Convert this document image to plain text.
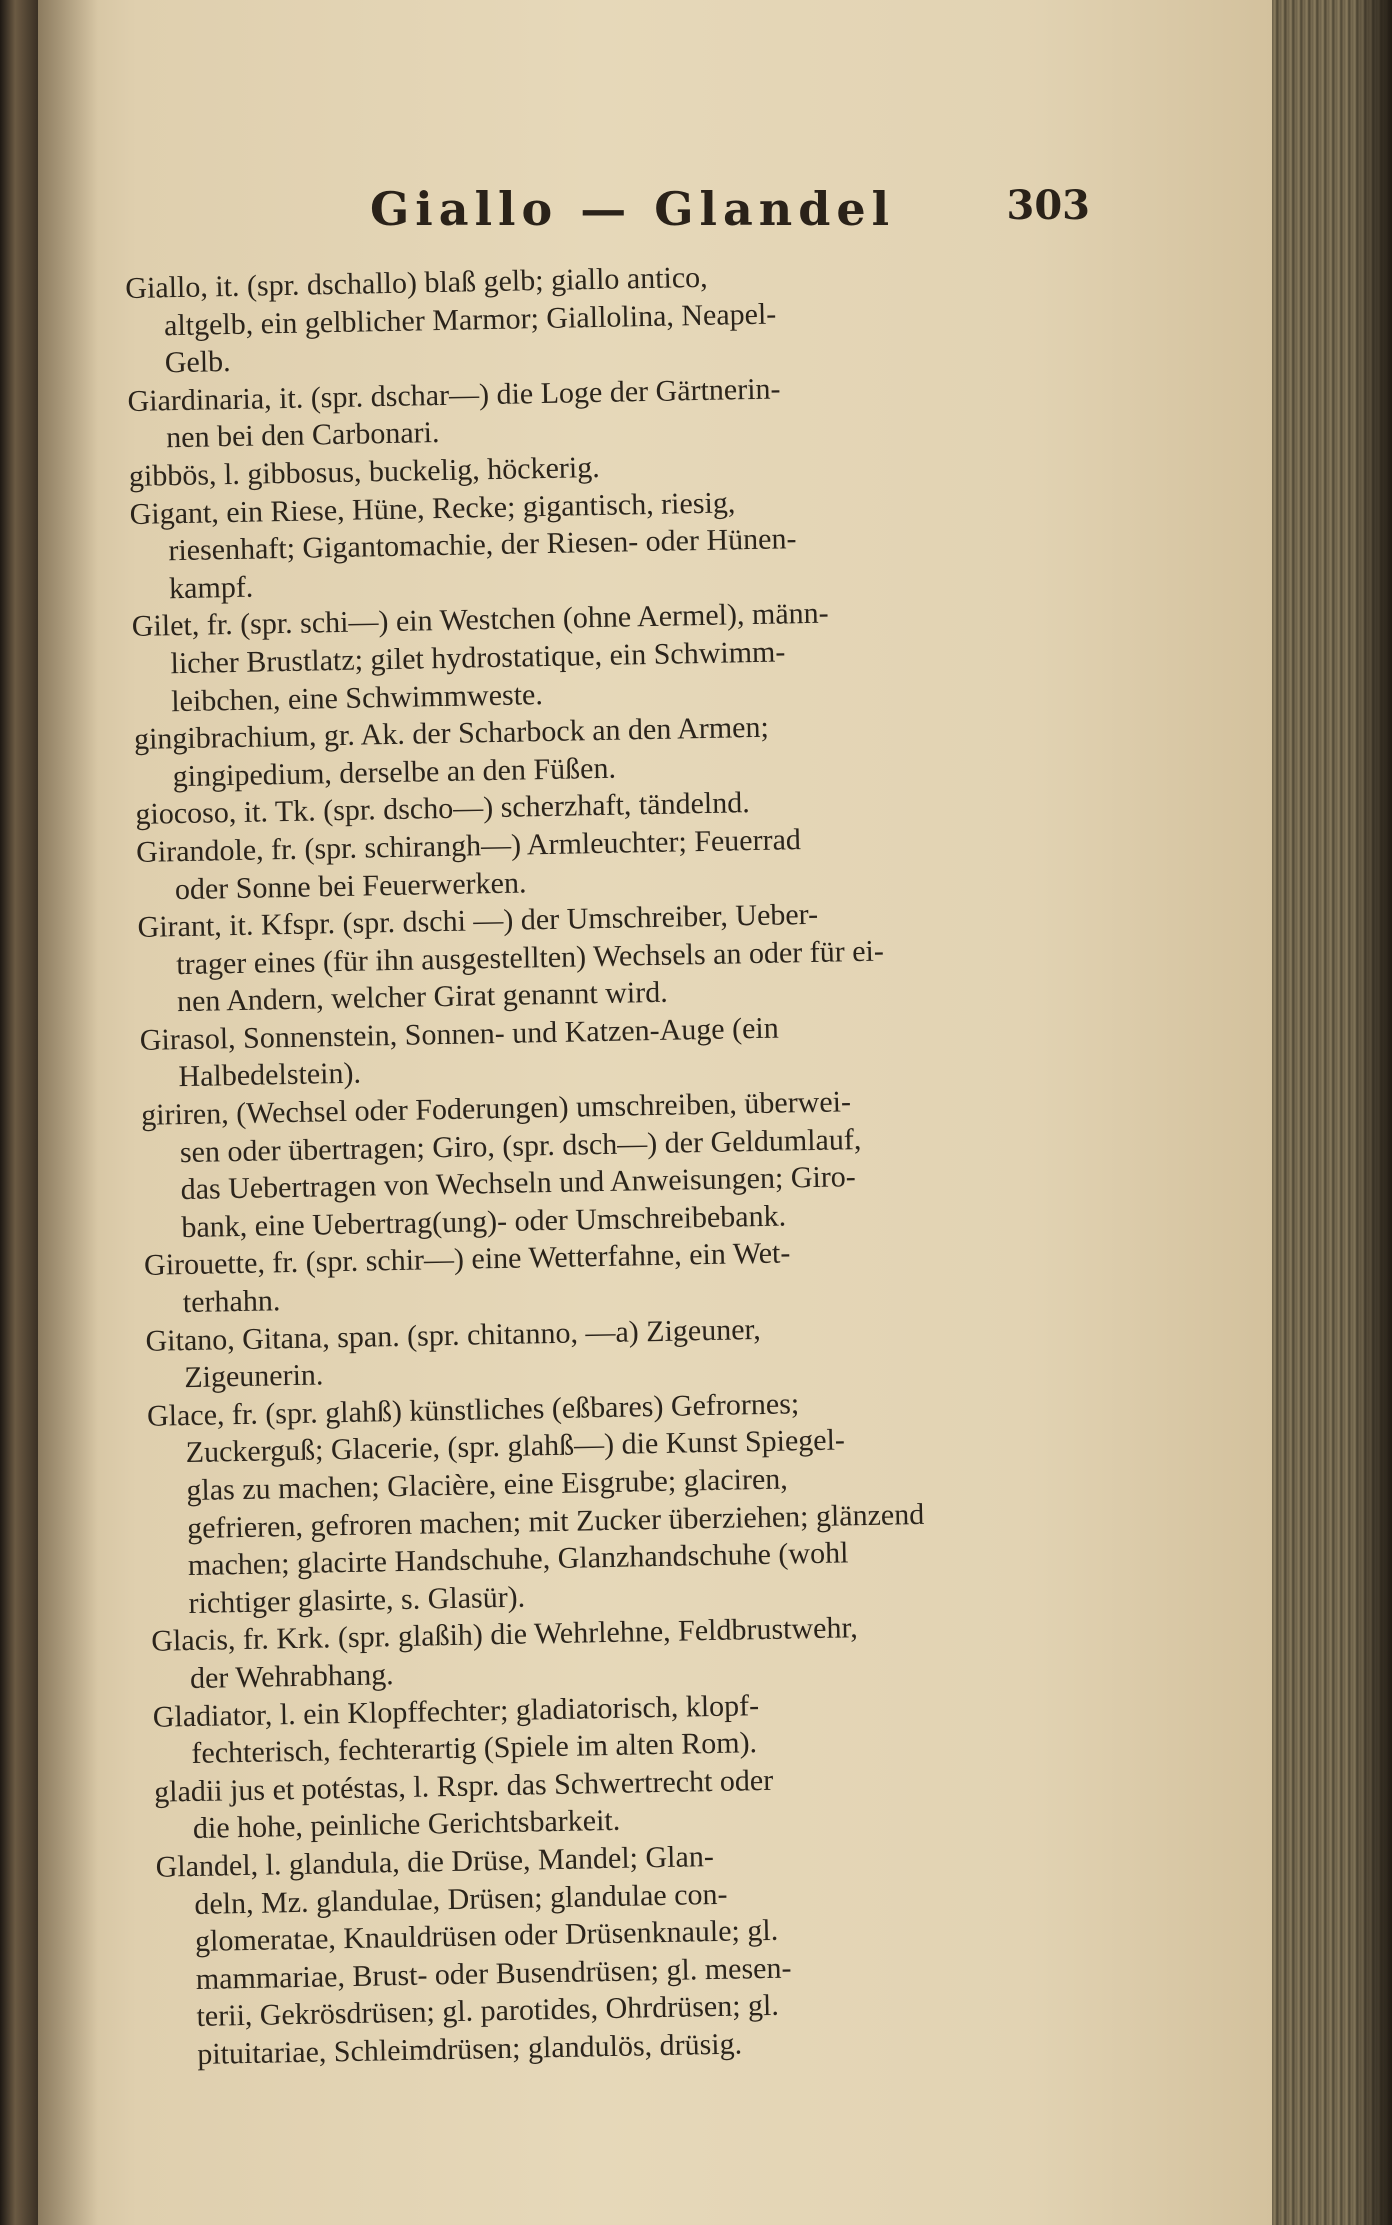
Giallo — Glandel	303
Giallo, it. (spr. dschallo) blaß gelb; giallo antico,
altgelb, ein gelblicher Marmor; Giallolina, Neapel-
Gelb.
Giardinaria, it. (spr. dschar—) die Loge der Gärtnerin-
nen bei den Carbonari.
gibbös, l. gibbosus, buckelig, höckerig.
Gigant, ein Riese, Hüne, Recke; gigantisch, riesig,
riesenhaft; Gigantomachie, der Riesen- oder Hünen-
kampf.
Gilet, fr. (spr. schi—) ein Westchen (ohne Aermel), männ-
licher Brustlatz; gilet hydrostatique, ein Schwimm-
leibchen, eine Schwimmweste.
gingibrachium, gr. Ak. der Scharbock an den Armen;
gingipedium, derselbe an den Füßen.
giocoso, it. Tk. (spr. dscho—) scherzhaft, tändelnd.
Girandole, fr. (spr. schirangh—) Armleuchter; Feuerrad
oder Sonne bei Feuerwerken.
Girant, it. Kfspr. (spr. dschi —) der Umschreiber, Ueber-
trager eines (für ihn ausgestellten) Wechsels an oder für ei-
nen Andern, welcher Girat genannt wird.
Girasol, Sonnenstein, Sonnen- und Katzen-Auge (ein
Halbedelstein).
giriren, (Wechsel oder Foderungen) umschreiben, überwei-
sen oder übertragen; Giro, (spr. dsch—) der Geldumlauf,
das Uebertragen von Wechseln und Anweisungen; Giro-
bank, eine Uebertrag(ung)- oder Umschreibebank.
Girouette, fr. (spr. schir—) eine Wetterfahne, ein Wet-
terhahn.
Gitano, Gitana, span. (spr. chitanno, —a) Zigeuner,
Zigeunerin.
Glace, fr. (spr. glahß) künstliches (eßbares) Gefrornes;
Zuckerguß; Glacerie, (spr. glahß—) die Kunst Spiegel-
glas zu machen; Glacière, eine Eisgrube; glaciren,
gefrieren, gefroren machen; mit Zucker überziehen; glänzend
machen; glacirte Handschuhe, Glanzhandschuhe (wohl
richtiger glasirte, s. Glasür).
Glacis, fr. Krk. (spr. glaßih) die Wehrlehne, Feldbrustwehr,
der Wehrabhang.
Gladiator, l. ein Klopffechter; gladiatorisch, klopf-
fechterisch, fechterartig (Spiele im alten Rom).
gladii jus et potéstas, l. Rspr. das Schwertrecht oder
die hohe, peinliche Gerichtsbarkeit.
Glandel, l. glandula, die Drüse, Mandel; Glan-
deln, Mz. glandulae, Drüsen; glandulae con-
glomeratae, Knauldrüsen oder Drüsenknaule; gl.
mammariae, Brust- oder Busendrüsen; gl. mesen-
terii, Gekrösdrüsen; gl. parotides, Ohrdrüsen; gl.
pituitariae, Schleimdrüsen; glandulös, drüsig.
